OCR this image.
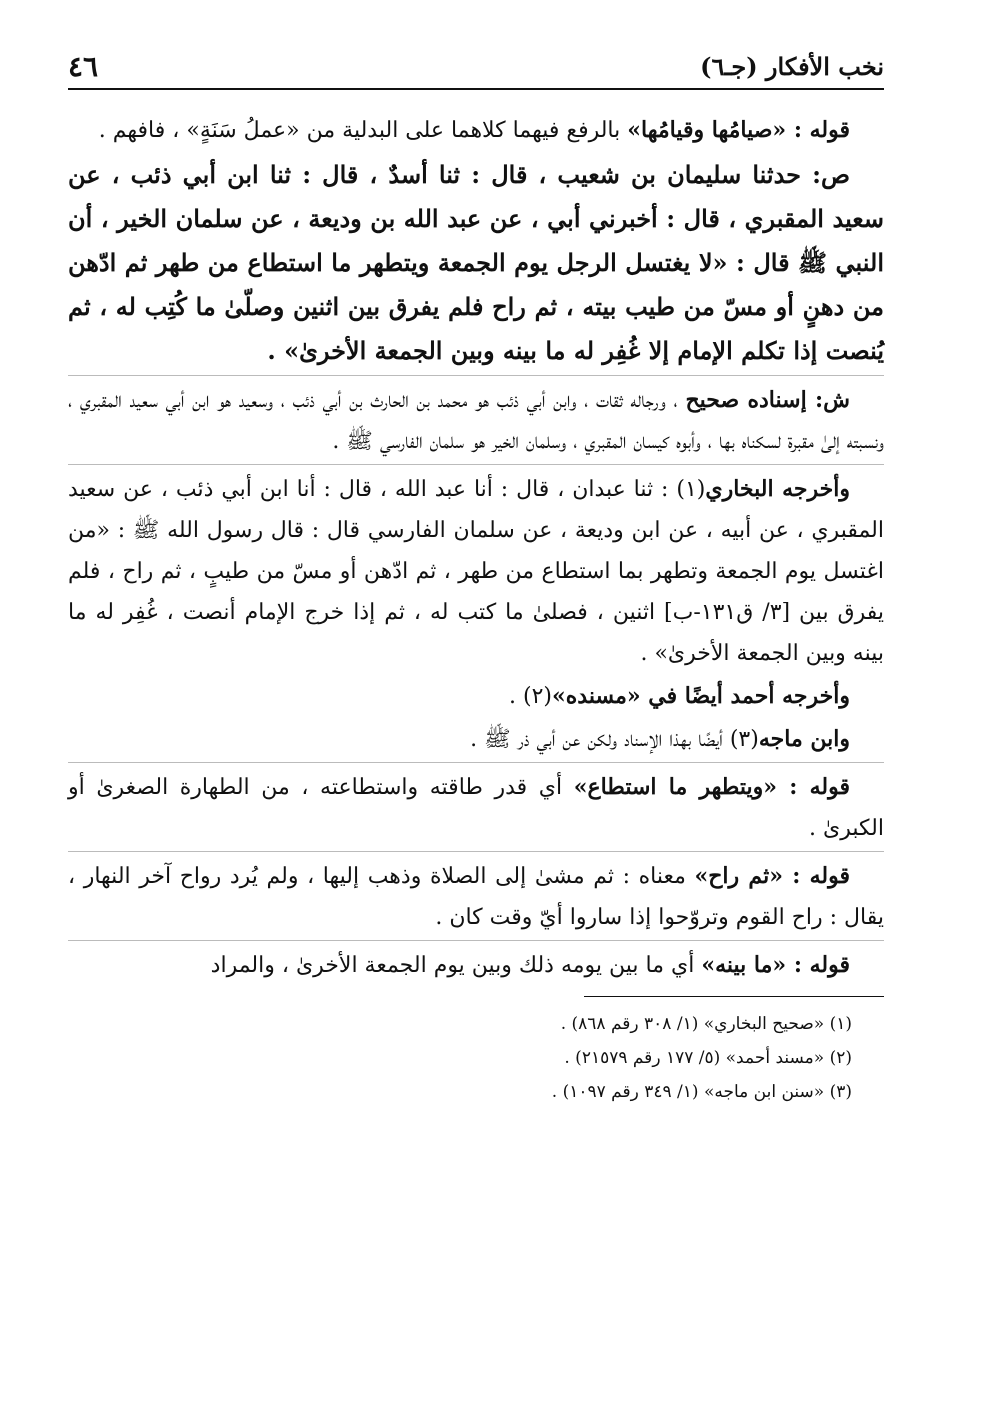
نخب الأفكار (جـ٦)
٤٦

قوله : «صيامُها وقيامُها» بالرفع فيهما كلاهما على البدلية من «عملُ سَنَةٍ» ، فافهم .

ص: حدثنا سليمان بن شعيب ، قال : ثنا أسدٌ ، قال : ثنا ابن أبي ذئب ، عن سعيد المقبري ، قال : أخبرني أبي ، عن عبد الله بن وديعة ، عن سلمان الخير ، أن النبي ﷺ قال : «لا يغتسل الرجل يوم الجمعة ويتطهر ما استطاع من طهر ثم ادّهن من دهنٍ أو مسّ من طيب بيته ، ثم راح فلم يفرق بين اثنين وصلّىٰ ما كُتِب له ، ثم يُنصت إذا تكلم الإمام إلا غُفِر له ما بينه وبين الجمعة الأخرىٰ» .

ش: إسناده صحيح ، ورجاله ثقات ، وابن أبي ذئب هو محمد بن الحارث بن أبي ذئب ، وسعيد هو ابن أبي سعيد المقبري ، ونسبته إلىٰ مقبرة لسكناه بها ، وأبوه كيسان المقبري ، وسلمان الخير هو سلمان الفارسي ﷺ .

وأخرجه البخاري(١) : ثنا عبدان ، قال : أنا عبد الله ، قال : أنا ابن أبي ذئب ، عن سعيد المقبري ، عن أبيه ، عن ابن وديعة ، عن سلمان الفارسي قال : قال رسول الله ﷺ : «من اغتسل يوم الجمعة وتطهر بما استطاع من طهر ، ثم ادّهن أو مسّ من طيبٍ ، ثم راح ، فلم يفرق بين [٣/ ق١٣١-ب] اثنين ، فصلىٰ ما كتب له ، ثم إذا خرج الإمام أنصت ، غُفِر له ما بينه وبين الجمعة الأخرىٰ» .

وأخرجه أحمد أيضًا في «مسنده»(٢) .

وابن ماجه(٣) أيضًا بهذا الإسناد ولكن عن أبي ذر ﷺ .

قوله : «ويتطهر ما استطاع» أي قدر طاقته واستطاعته ، من الطهارة الصغرىٰ أو الكبرىٰ .

قوله : «ثم راح» معناه : ثم مشىٰ إلى الصلاة وذهب إليها ، ولم يُرد رواح آخر النهار ، يقال : راح القوم وتروّحوا إذا ساروا أيّ وقت كان .

قوله : «ما بينه» أي ما بين يومه ذلك وبين يوم الجمعة الأخرىٰ ، والمراد

(١) «صحيح البخاري» (١/ ٣٠٨ رقم ٨٦٨) .

(٢) «مسند أحمد» (٥/ ١٧٧ رقم ٢١٥٧٩) .

(٣) «سنن ابن ماجه» (١/ ٣٤٩ رقم ١٠٩٧) .
